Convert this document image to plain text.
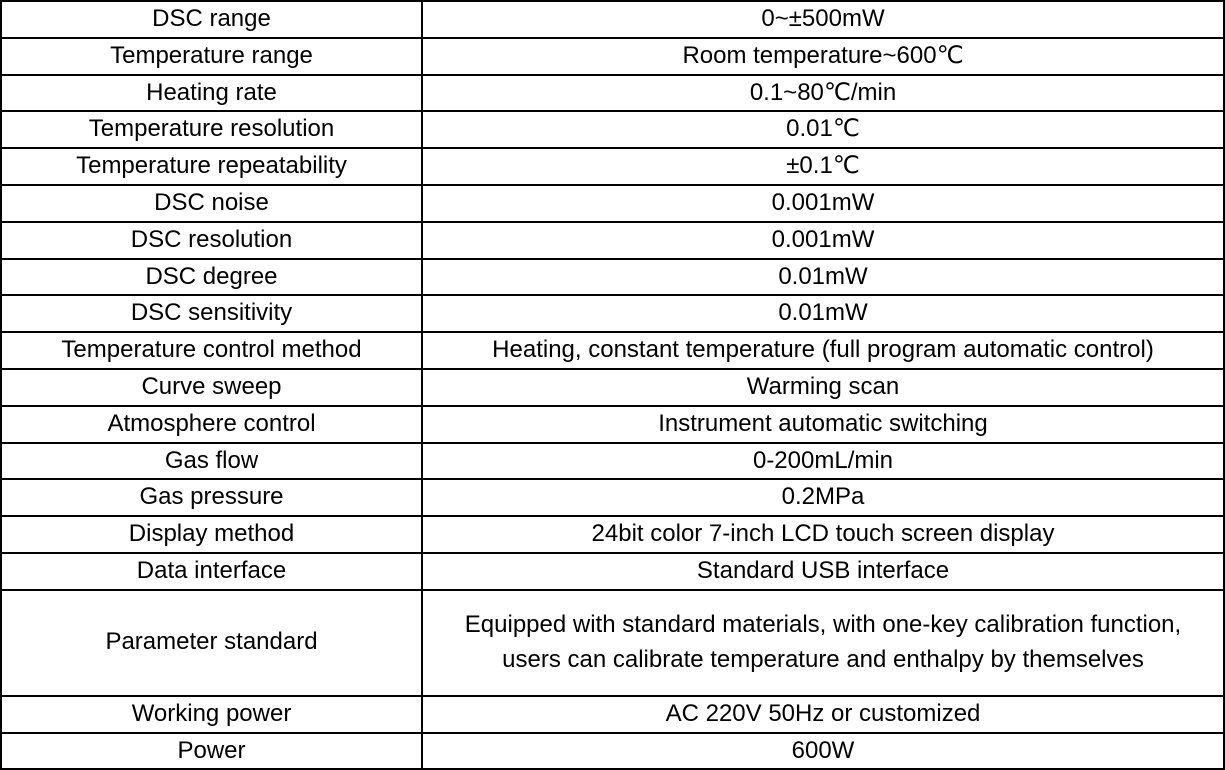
DSC range	0~±500mW

Temperature range	Room temperature~600℃

Heating rate	0.1~80℃/min

Temperature resolution	0.01℃

Temperature repeatability	±0.1℃

DSC noise	0.001mW

DSC resolution	0.001mW

DSC degree	0.01mW

DSC sensitivity	0.01mW

Temperature control method	Heating, constant temperature (full program automatic control)

Curve sweep	Warming scan

Atmosphere control	Instrument automatic switching

Gas flow	0-200mL/min

Gas pressure	0.2MPa

Display method	24bit color 7-inch LCD touch screen display

Data interface	Standard USB interface

Parameter standard	Equipped with standard materials, with one-key calibration function, users can calibrate temperature and enthalpy by themselves

Working power	AC 220V 50Hz or customized

Power	600W
